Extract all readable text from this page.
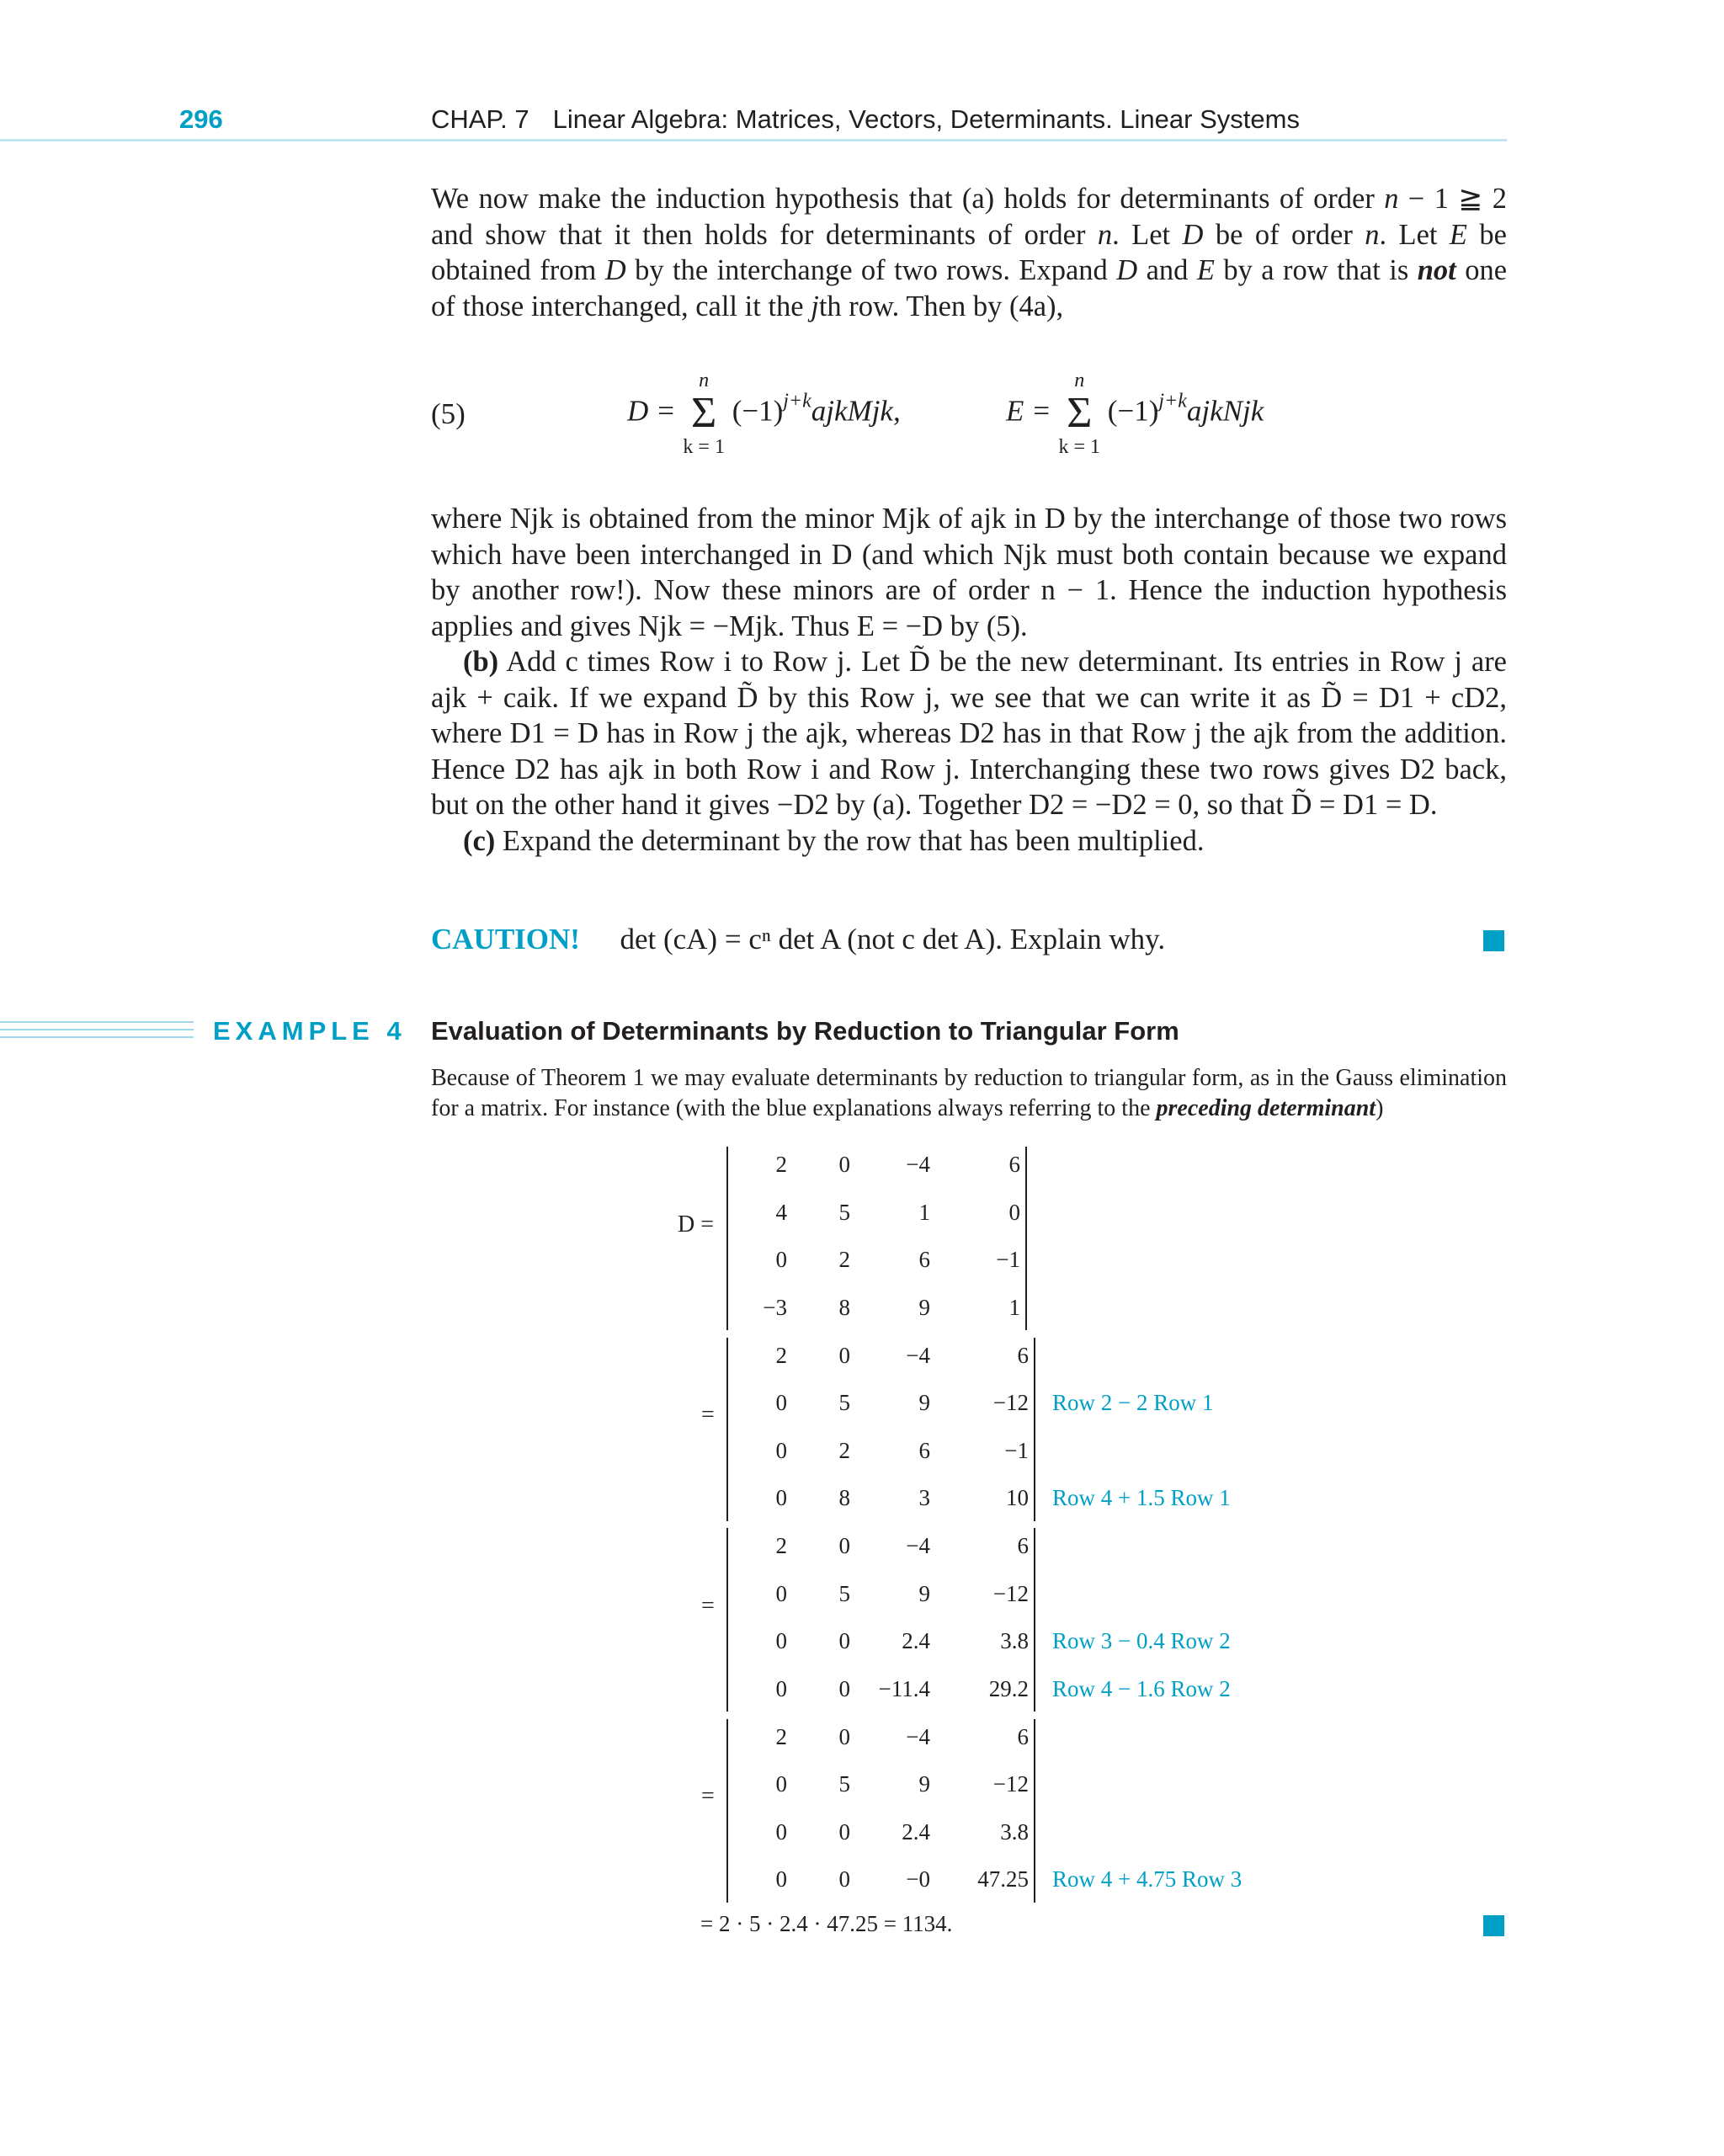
296	CHAP. 7 Linear Algebra: Matrices, Vectors, Determinants. Linear Systems

We now make the induction hypothesis that (a) holds for determinants of order n − 1 ≧ 2 and show that it then holds for determinants of order n. Let D be of order n. Let E be obtained from D by the interchange of two rows. Expand D and E by a row that is not one of those interchanged, call it the jth row. Then by (4a),

(5)	D =
n
Σ
k = 1
$(-1)^{j+k}ajkMjk$,	E =
n
Σ
k = 1
$(-1)^{j+k}ajkNjk$

where Njk is obtained from the minor Mjk of ajk in D by the interchange of those two rows which have been interchanged in D (and which Njk must both contain because we expand by another row!). Now these minors are of order n − 1. Hence the induction hypothesis applies and gives Njk = −Mjk. Thus E = −D by (5).

(b) Add c times Row i to Row j. Let D̃ be the new determinant. Its entries in Row j are ajk + caik. If we expand D̃ by this Row j, we see that we can write it as D̃ = D1 + cD2, where D1 = D has in Row j the ajk, whereas D2 has in that Row j the ajk from the addition. Hence D2 has ajk in both Row i and Row j. Interchanging these two rows gives D2 back, but on the other hand it gives −D2 by (a). Together D2 = −D2 = 0, so that D̃ = D1 = D.

(c) Expand the determinant by the row that has been multiplied.

CAUTION! det (cA) = cⁿ det A (not c det A). Explain why.
EXAMPLE 4 Evaluation of Determinants by Reduction to Triangular Form
Because of Theorem 1 we may evaluate determinants by reduction to triangular form, as in the Gauss elimination for a matrix. For instance (with the blue explanations always referring to the preceding determinant)
D =
2	0	−4	6
4	5	1	0
0	2	6	−1
−3	8	9	1
=
2	0	−4	6
0	5	9	−12 Row 2 − 2 Row 1
0	2	6	−1
0	8	3	10 Row 4 + 1.5 Row 1
=
2	0	−4	6
0	5	9	−12
0	0	2.4	3.8 Row 3 − 0.4 Row 2
0	0	−11.4	29.2 Row 4 − 1.6 Row 2
=
2	0	−4	6
0	5	9	−12
0	0	2.4	3.8
0	0	−0	47.25 Row 4 + 4.75 Row 3
= 2 · 5 · 2.4 · 47.25 = 1134.
